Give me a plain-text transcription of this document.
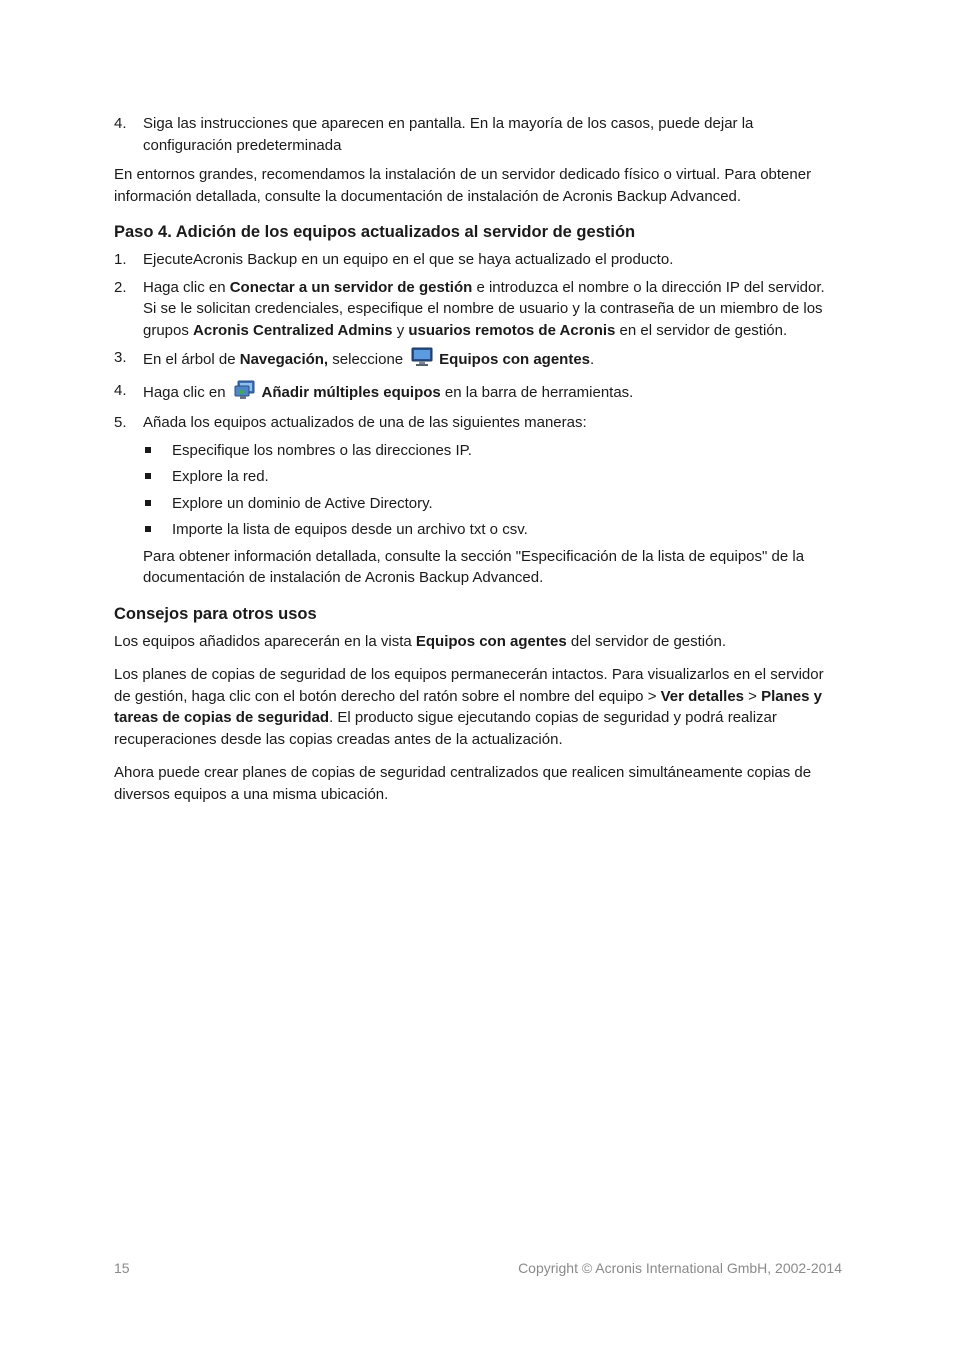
4. Siga las instrucciones que aparecen en pantalla. En la mayoría de los casos, puede dejar la configuración predeterminada

En entornos grandes, recomendamos la instalación de un servidor dedicado físico o virtual. Para obtener información detallada, consulte la documentación de instalación de Acronis Backup Advanced.

Paso 4. Adición de los equipos actualizados al servidor de gestión
1. EjecuteAcronis Backup en un equipo en el que se haya actualizado el producto.
2. Haga clic en Conectar a un servidor de gestión e introduzca el nombre o la dirección IP del servidor. Si se le solicitan credenciales, especifique el nombre de usuario y la contraseña de un miembro de los grupos Acronis Centralized Admins y usuarios remotos de Acronis en el servidor de gestión.
3. En el árbol de Navegación, seleccione Equipos con agentes.
4. Haga clic en Añadir múltiples equipos en la barra de herramientas.
5. Añada los equipos actualizados de una de las siguientes maneras:
Especifique los nombres o las direcciones IP.
Explore la red.
Explore un dominio de Active Directory.
Importe la lista de equipos desde un archivo txt o csv.
Para obtener información detallada, consulte la sección "Especificación de la lista de equipos" de la documentación de instalación de Acronis Backup Advanced.
Consejos para otros usos

Los equipos añadidos aparecerán en la vista Equipos con agentes del servidor de gestión.

Los planes de copias de seguridad de los equipos permanecerán intactos. Para visualizarlos en el servidor de gestión, haga clic con el botón derecho del ratón sobre el nombre del equipo > Ver detalles > Planes y tareas de copias de seguridad. El producto sigue ejecutando copias de seguridad y podrá realizar recuperaciones desde las copias creadas antes de la actualización.

Ahora puede crear planes de copias de seguridad centralizados que realicen simultáneamente copias de diversos equipos a una misma ubicación.

15	Copyright © Acronis International GmbH, 2002-2014
